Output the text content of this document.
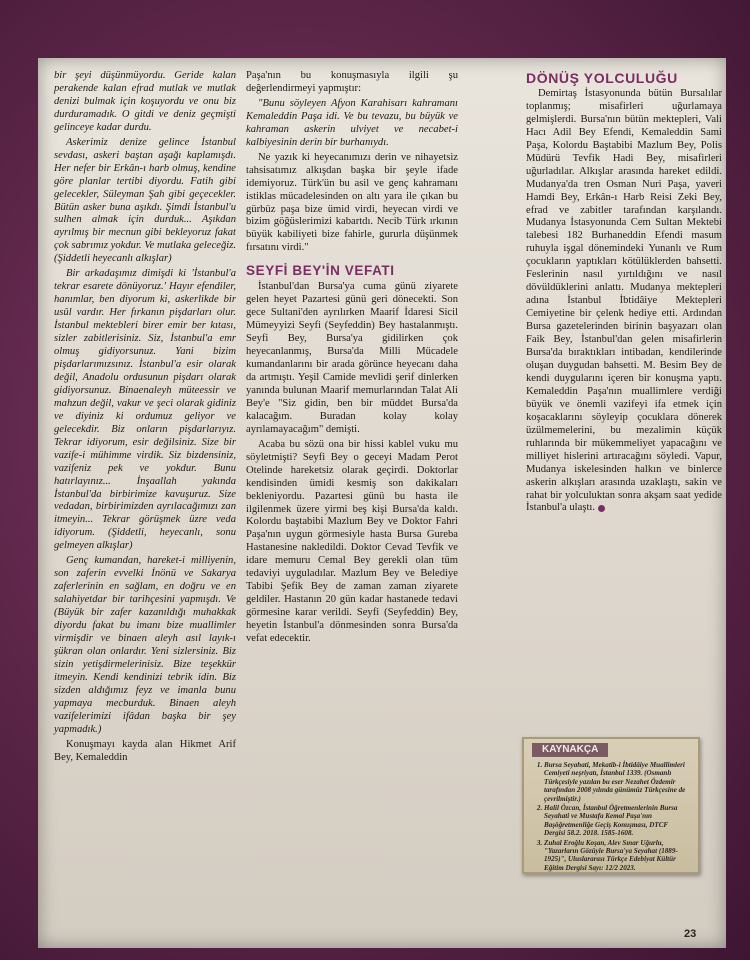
bir şeyi düşünmüyordu. Geride kalan perakende kalan efrad mutlak ve mutlak denizi bulmak için koşuyordu ve onu biz durduramadık. O gitdi ve deniz geçmişti gelinceye kadar durdu.

Askerimiz denize gelince İstanbul sevdası, askeri baştan aşağı kaplamışdı. Her nefer bir Erkân-ı harb olmuş, kendine göre planlar tertibi diyordu. Fatih gibi gelecekler, Süleyman Şah gibi geçecekler. Bütün asker buna aşıkdı. Şimdi İstanbul'u sulhen almak için durduk... Aşıkdan ayrılmış bir mecnun gibi bekleyoruz fakat çok sabrımız yokdur. Ve mutlaka geleceğiz. (Şiddetli heyecanlı alkışlar)

Bir arkadaşımız dimişdi ki 'İstanbul'a tekrar esarete dönüyoruz.' Hayır efendiler, hanımlar, ben diyorum ki, askerlikde bir usûl vardır. Her fırkanın pişdarları olur. İstanbul mektebleri birer emir ber kıtası, sizler zabitlerisiniz. Siz, İstanbul'a emr olmuş gidiyorsunuz. Yani bizim pişdarlarımızsınız. İstanbul'a esir olarak değil, Anadolu ordusunun pişdarı olarak gidiyorsunuz. Binaenaleyh müteessir ve mahzun değil, vakur ve şeci olarak gidiniz ve diyiniz ki ordumuz geliyor ve gelecekdir. Biz onların pişdarlarıyız. Tekrar idiyorum, esir değilsiniz. Size bir vazife-i mühimme virdik. Siz bizdensiniz, vazifeniz pek ve yokdur. Bunu hatırlayınız... İnşaallah yakında İstanbul'da birbirimize kavuşuruz. Size vedadan, birbirimizden ayrılacağımızı zan itmeyin... Tekrar görüşmek üzre veda idiyorum. (Şiddetli, heyecanlı, sonu gelmeyen alkışlar)

Genç kumandan, hareket-i milliyenin, son zaferin evvelki İnönü ve Sakarya zaferlerinin en sağlam, en doğru ve en salahiyetdar bir tarihçesini yapmışdı. Ve (Büyük bir zafer kazanıldığı muhakkak diyordu fakat bu imanı bize muallimler virmişdir ve binaen aleyh asıl layık-ı şükran olan onlardır. Yeni sizlersiniz. Biz sizin yetişdirmelerinisiz. Bize teşekkür itmeyin. Kendi kendinizi tebrik idin. Biz sizden aldığımız feyz ve imanla bunu yapmaya mecburduk. Binaen aleyh vazifelerimizi ifâdan başka bir şey yapmadık.)

Konuşmayı kayda alan Hikmet Arif Bey, Kemaleddin

Paşa'nın bu konuşmasıyla ilgili şu değerlendirmeyi yapmıştır:

"Bunu söyleyen Afyon Karahisarı kahramanı Kemaleddin Paşa idi. Ve bu tevazu, bu büyük ve kahraman askerin ulviyet ve necabet-i kalbiyesinin derin bir burhanıydı.

Ne yazık ki heyecanımızı derin ve nihayetsiz tahsisatımız alkışdan başka bir şeyle ifade idemiyoruz. Türk'ün bu asil ve genç kahramanı istiklas mücadelesinden on altı yara ile çıkan bu gürbüz paşa bize ümid virdi, heyecan virdi ve bizim göğüslerimizi kabartdı. Necib Türk ırkının büyük kabiliyeti bize fahirle, gururla düşünmek fırsatını virdi."

SEYFİ BEY'İN VEFATI

İstanbul'dan Bursa'ya cuma günü ziyarete gelen heyet Pazartesi günü geri dönecekti. Son gece Sultani'den ayrılırken Maarif İdaresi Sicil Mümeyyizi Seyfi (Seyfeddin) Bey hastalanmıştı. Seyfi Bey, Bursa'ya gidilirken çok heyecanlanmış, Bursa'da Milli Mücadele kumandanlarını bir arada görünce heyecanı daha da artmıştı. Yeşil Camide mevlidi şerif dinlerken yanında bulunan Maarif memurlarından Talat Ali Bey'e "Siz gidin, ben bir müddet Bursa'da kalacağım. Buradan kolay kolay ayrılamayacağım" demişti.

Acaba bu sözü ona bir hissi kablel vuku mu söyletmişti? Seyfi Bey o geceyi Madam Perot Otelinde hareketsiz olarak geçirdi. Doktorlar kendisinden ümidi kesmiş son dakikaları bekleniyordu. Pazartesi günü bu hasta ile ilgilenmek üzere yirmi beş kişi Bursa'da kaldı. Kolordu baştabibi Mazlum Bey ve Doktor Fahri Paşa'nın uygun görmesiyle hasta Bursa Gureba Hastanesine nakledildi. Doktor Cevad Tevfik ve idare memuru Cemal Bey gerekli olan tüm tedaviyi uyguladılar. Mazlum Bey ve Belediye Tabibi Şefik Bey de zaman zaman ziyarete geldiler. Hastanın 20 gün kadar hastanede tedavi görmesine karar verildi. Seyfi (Seyfeddin) Bey, heyetin İstanbul'a dönmesinden sonra Bursa'da vefat edecektir.

DÖNÜŞ YOLCULUĞU

Demirtaş İstasyonunda bütün Bursalılar toplanmış; misafirleri uğurlamaya gelmişlerdi. Bursa'nın bütün mektepleri, Vali Hacı Adil Bey Efendi, Kemaleddin Sami Paşa, Kolordu Baştabibi Mazlum Bey, Polis Müdürü Tevfik Hadi Bey, misafirleri uğurladılar. Alkışlar arasında hareket edildi. Mudanya'da tren Osman Nuri Paşa, yaveri Hamdi Bey, Erkân-ı Harb Reisi Zeki Bey, efrad ve zabitler tarafından karşılandı. Mudanya İstasyonunda Cem Sultan Mektebi talebesi 182 Burhaneddin Efendi masum ruhuyla işgal dönemindeki Yunanlı ve Rum çocukların yaptıkları kötülüklerden bahsetti. Feslerinin nasıl yırtıldığını ve nasıl dövüldüklerini anlattı. Mudanya mektepleri adına İstanbul İbtidâiye Mektepleri Cemiyetine bir çelenk hediye etti. Ardından Bursa gazetelerinden birinin başyazarı olan Faik Bey, İstanbul'dan gelen misafirlerin Bursa'da bıraktıkları intibadan, kendilerinde oluşan duygudan bahsetti. M. Besim Bey de kendi duygularını içeren bir konuşma yaptı. Kemaleddin Paşa'nın muallimlere verdiği büyük ve önemli vazifeyi ifa etmek için koşacaklarını söyleyip çocuklara dönerek üzülmemelerini, bu mezalimin küçük ruhlarında bir mükemmeliyet yapacağını ve milliyet hislerini artıracağını söyledi. Vapur, Mudanya iskelesinden halkın ve binlerce askerin alkışları arasında uzaklaştı, sakin ve rahat bir yolculuktan sonra akşam saat yedide İstanbul'a ulaştı.

KAYNAKÇA
1. Bursa Seyahati, Mekatib-i İbtidâiye Muallimleri Cemiyeti neşriyatı, İstanbul 1339. (Osmanlı Türkçesiyle yazılan bu eser Nezahet Özdemir tarafından 2008 yılında günümüz Türkçesine de çevrilmiştir.)
2. Halil Özcan, İstanbul Öğretmenlerinin Bursa Seyahati ve Mustafa Kemal Paşa'nın Başöğretmenliğe Geçiş Konuşması, DTCF Dergisi 58.2. 2018. 1585-1608.
3. Zuhal Eroğlu Koşan, Alev Sınar Uğurlu, "Yazarların Gözüyle Bursa'ya Seyahat (1889-1925)", Uluslararası Türkçe Edebiyat Kültür Eğitim Dergisi Sayı: 12/2 2023.
23
